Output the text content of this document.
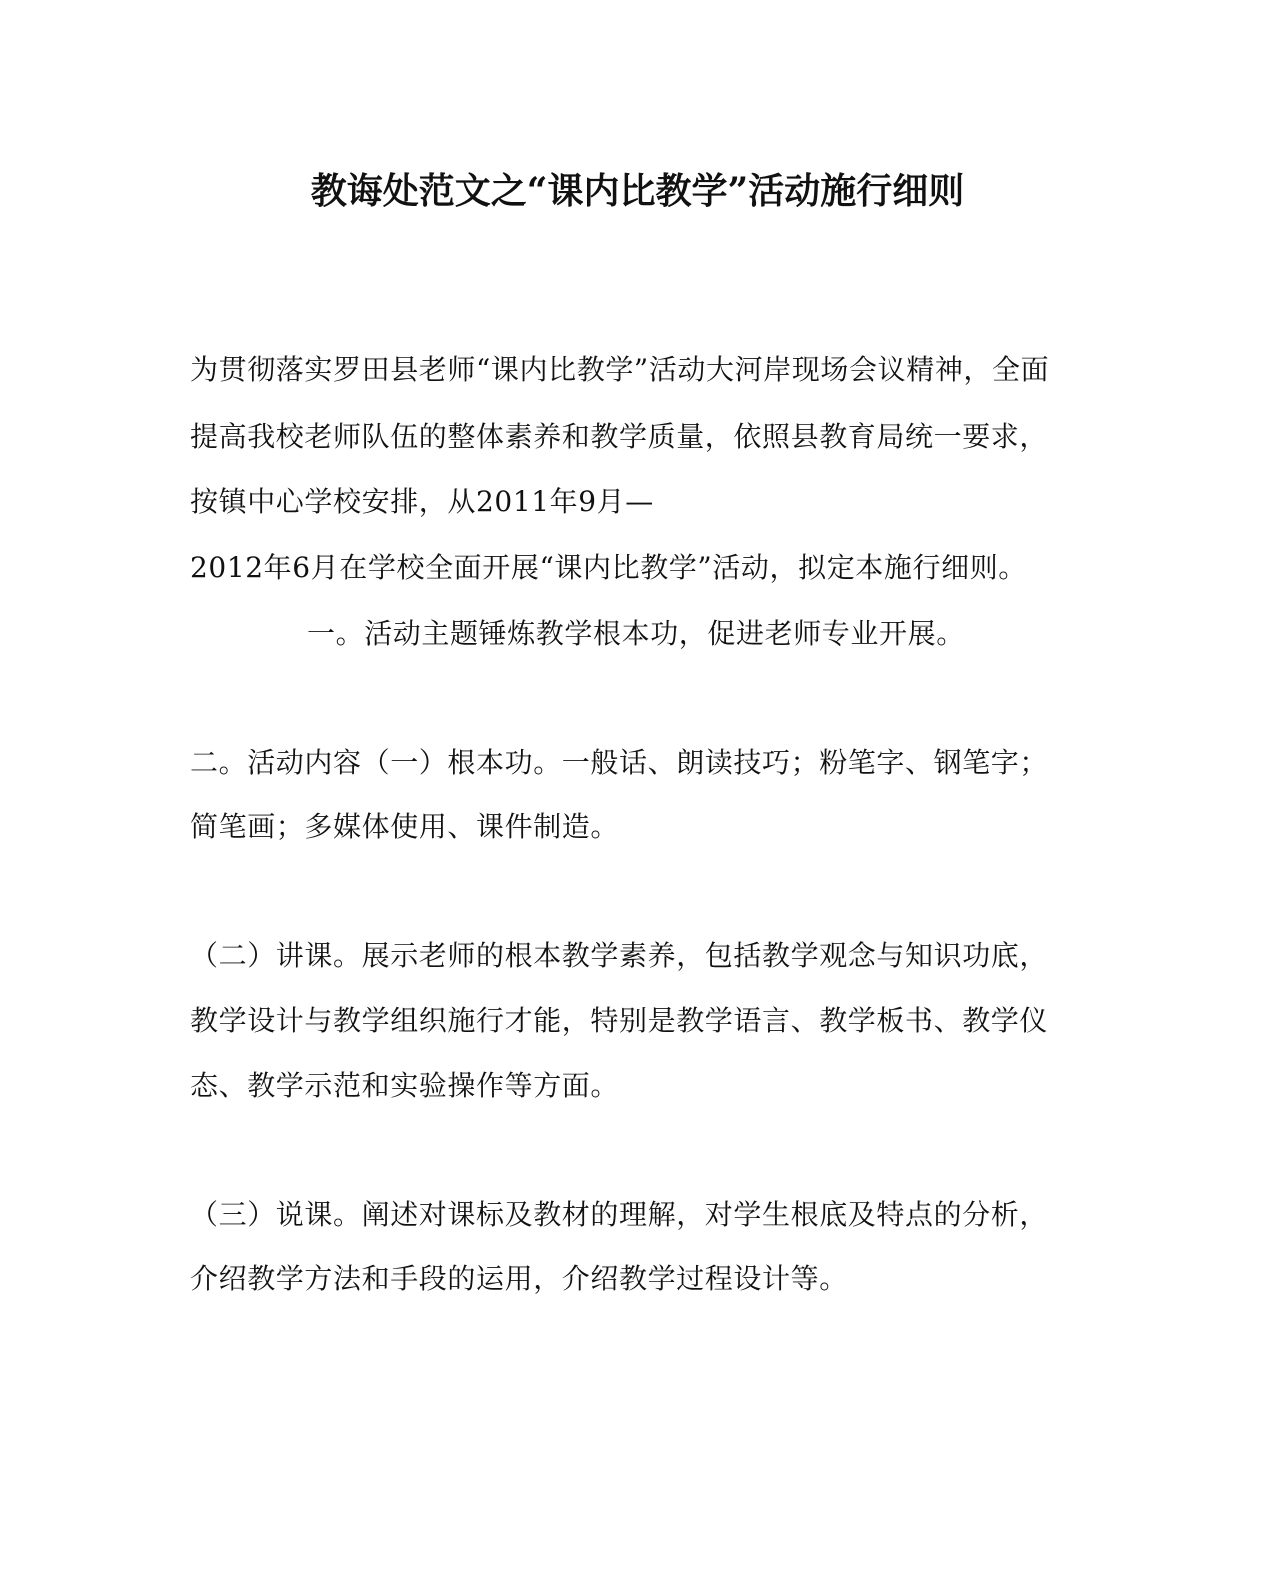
教诲处范文之“课内比教学”活动施行细则
为贯彻落实罗田县老师“课内比教学”活动大河岸现场会议精神，全面
提高我校老师队伍的整体素养和教学质量，依照县教育局统一要求，
按镇中心学校安排，从2011年9月—
2012年6月在学校全面开展“课内比教学”活动，拟定本施行细则。
一。活动主题锤炼教学根本功，促进老师专业开展。
二。活动内容（一）根本功。一般话、朗读技巧；粉笔字、钢笔字；
简笔画；多媒体使用、课件制造。
（二）讲课。展示老师的根本教学素养，包括教学观念与知识功底，
教学设计与教学组织施行才能，特别是教学语言、教学板书、教学仪
态、教学示范和实验操作等方面。
（三）说课。阐述对课标及教材的理解，对学生根底及特点的分析，
介绍教学方法和手段的运用，介绍教学过程设计等。
